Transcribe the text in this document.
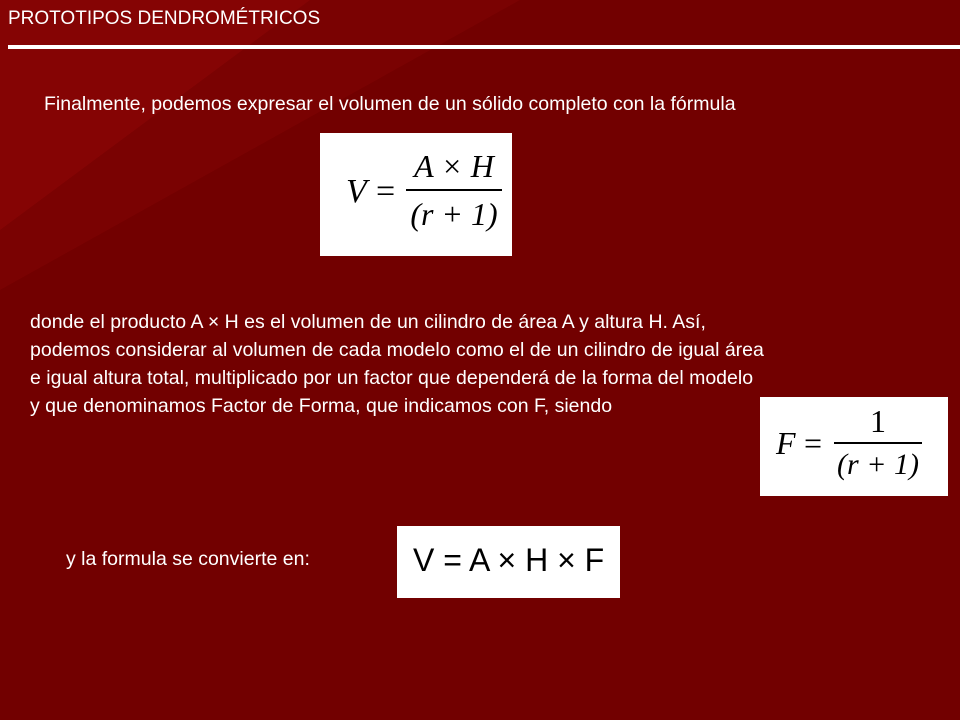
PROTOTIPOS DENDROMÉTRICOS
Finalmente, podemos expresar el volumen de un sólido completo con la fórmula
V =
A × H
(r + 1)
donde el producto A × H es el volumen de un cilindro de área A y altura H. Así,
podemos considerar al volumen de cada modelo como el de un cilindro de igual área
e igual altura total, multiplicado por un factor que dependerá de la forma del modelo
y que denominamos Factor de Forma, que indicamos con F, siendo
F =
1
(r + 1)
y la formula se convierte en:	V = A × H × F
